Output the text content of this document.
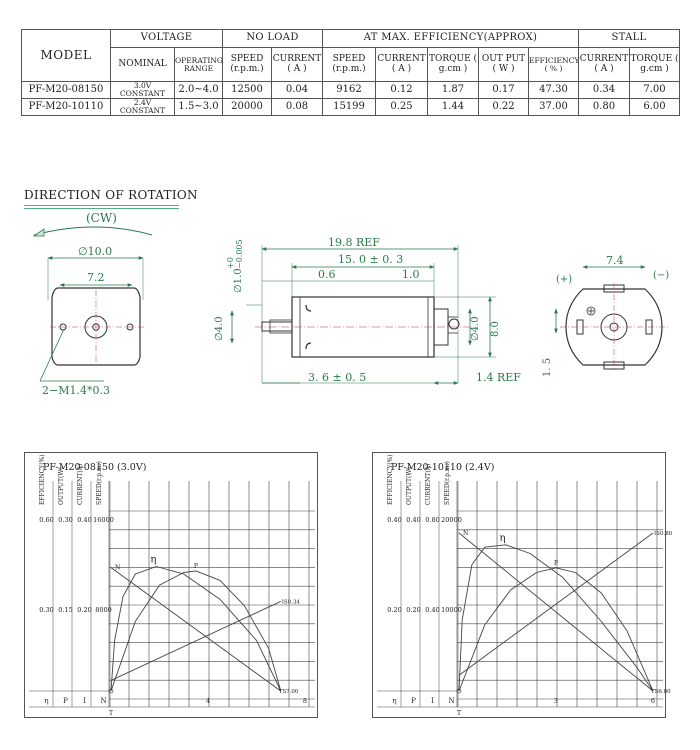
MODEL	VOLTAGE		NO LOAD		AT MAX. EFFICIENCY(APPROX)					STALL	
	NOMINAL	OPERATING RANGE	SPEED (r.p.m.)	CURRENT ( A )	SPEED (r.p.m.)	CURRENT ( A )	TORQUE ( g.cm )	OUT PUT ( W )	EFFICIENCY ( % )	CURRENT ( A )	TORQUE ( g.cm )
PF-M20-08150	3.0V CONSTANT	2.0~4.0	12500	0.04	9162	0.12	1.87	0.17	47.30	0.34	7.00
PF-M20-10110	2.4V CONSTANT	1.5~3.0	20000	0.08	15199	0.25	1.44	0.22	37.00	0.80	6.00
DIRECTION OF ROTATION
(CW)
∅10.0
7.2
2−M1.4*0.3
19.8 REF
15. 0 ± 0. 3
0.6	1.0
∅1.0
+0 −0.005
∅4.0	∅4.0 8.0
3. 6 ± 0. 5	1.4 REF
7.4
(+)	(−)
1. 5
PF-M20-08150 (3.0V)
EFFICIENCY(%)
0.60
0.30
η
OUTPUT(W)
0.30
0.15
P
CURRENT(A)
0.40
0.20
I
SPEED(r.p.m.)
16000
8000
N
N
η
P
IS0.34
TS7.00
T
4	8
PF-M20-10110 (2.4V)
EFFICIENCY(%)
0.40
0.20
η
OUTPUT(W)
0.40
0.20
P
CURRENT(A)
0.80
0.40
I
SPEED(r.p.m.)
20000
10000
N
N	η
P
IS0.80
TS6.00
T
3	6
